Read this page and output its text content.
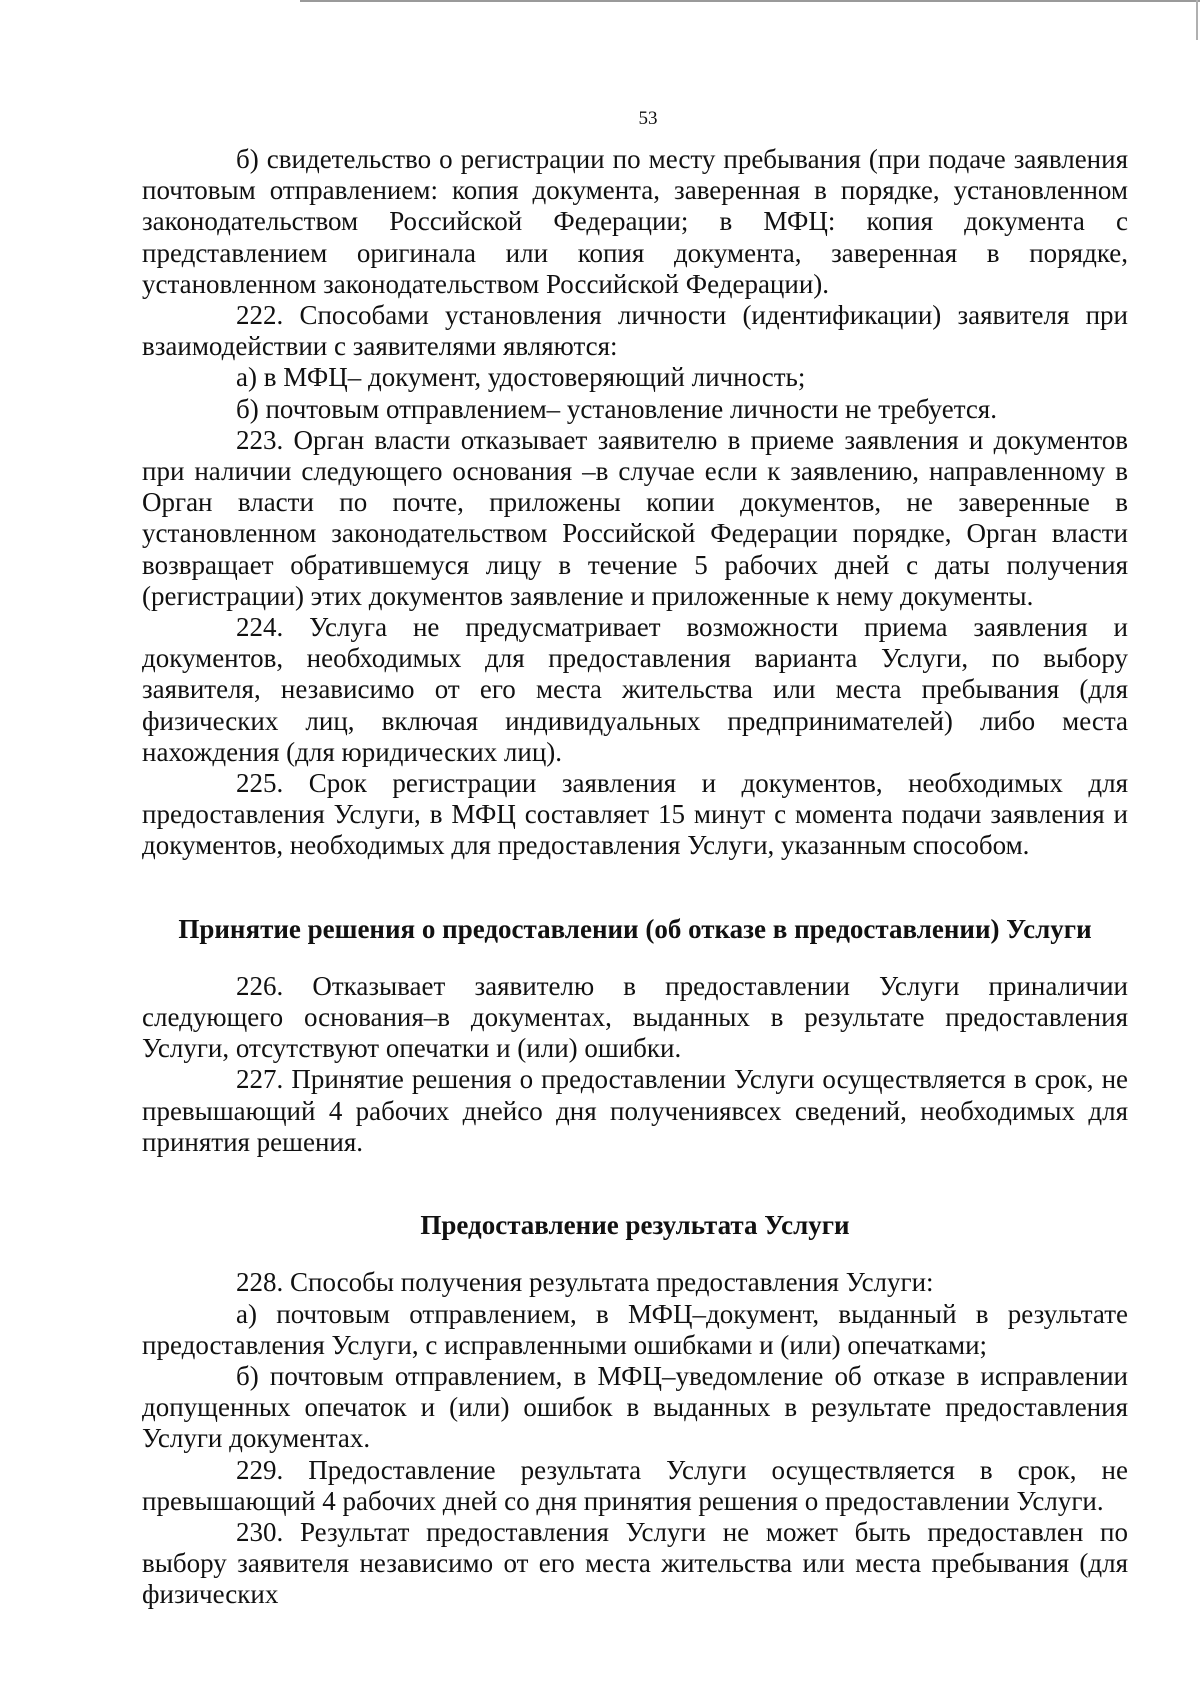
53

б) свидетельство о регистрации по месту пребывания (при подаче заявления почтовым отправлением: копия документа, заверенная в порядке, установленном законодательством Российской Федерации; в МФЦ: копия документа с представлением оригинала или копия документа, заверенная в порядке, установленном законодательством Российской Федерации).

222. Способами установления личности (идентификации) заявителя при взаимодействии с заявителями являются:

а) в МФЦ– документ, удостоверяющий личность;

б) почтовым отправлением– установление личности не требуется.

223. Орган власти отказывает заявителю в приеме заявления и документов при наличии следующего основания –в случае если к заявлению, направленному в Орган власти по почте, приложены копии документов, не заверенные в установленном законодательством Российской Федерации порядке, Орган власти возвращает обратившемуся лицу в течение 5 рабочих дней с даты получения (регистрации) этих документов заявление и приложенные к нему документы.

224. Услуга не предусматривает возможности приема заявления и документов, необходимых для предоставления варианта Услуги, по выбору заявителя, независимо от его места жительства или места пребывания (для физических лиц, включая индивидуальных предпринимателей) либо места нахождения (для юридических лиц).

225. Срок регистрации заявления и документов, необходимых для предоставления Услуги, в МФЦ составляет 15 минут с момента подачи заявления и документов, необходимых для предоставления Услуги, указанным способом.

Принятие решения о предоставлении (об отказе в предоставлении) Услуги

226. Отказывает заявителю в предоставлении Услуги приналичии следующего основания–в документах, выданных в результате предоставления Услуги, отсутствуют опечатки и (или) ошибки.

227. Принятие решения о предоставлении Услуги осуществляется в срок, не превышающий 4 рабочих днейсо дня получениявсех сведений, необходимых для принятия решения.

Предоставление результата Услуги

228. Способы получения результата предоставления Услуги:

а) почтовым отправлением, в МФЦ–документ, выданный в результате предоставления Услуги, с исправленными ошибками и (или) опечатками;

б) почтовым отправлением, в МФЦ–уведомление об отказе в исправлении допущенных опечаток и (или) ошибок в выданных в результате предоставления Услуги документах.

229. Предоставление результата Услуги осуществляется в срок, не превышающий 4 рабочих дней со дня принятия решения о предоставлении Услуги.

230. Результат предоставления Услуги не может быть предоставлен по выбору заявителя независимо от его места жительства или места пребывания (для физических
